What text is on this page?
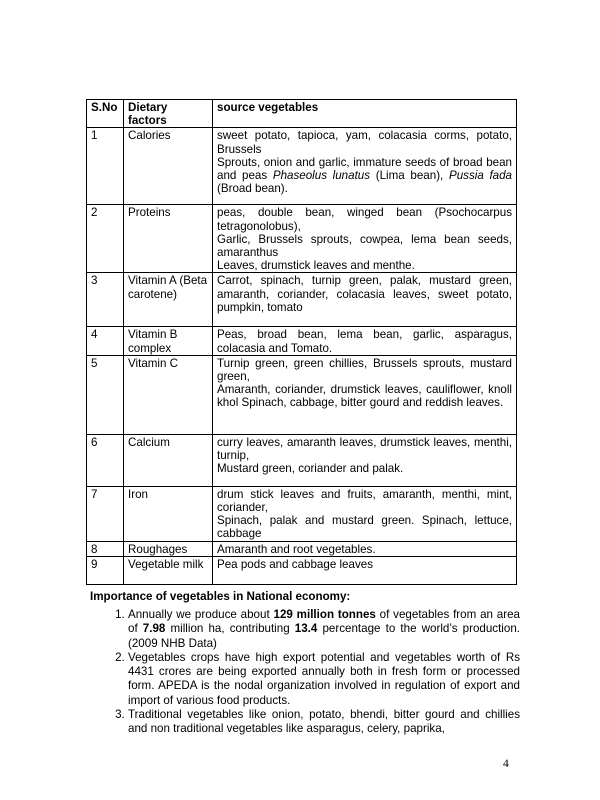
S.No	Dietary factors	source vegetables
1	Calories	sweet potato, tapioca, yam, colacasia corms, potato, Brussels
Sprouts, onion and garlic, immature seeds of broad bean and peas Phaseolus lunatus (Lima bean), Pussia fada (Broad bean).

2	Proteins	peas, double bean, winged bean (Psochocarpus tetragonolobus),
Garlic, Brussels sprouts, cowpea, lema bean seeds, amaranthus
Leaves, drumstick leaves and menthe.

3	Vitamin A (Beta carotene)	Carrot, spinach, turnip green, palak, mustard green, amaranth, coriander, colacasia leaves, sweet potato, pumpkin, tomato

4	Vitamin B complex	Peas, broad bean, lema bean, garlic, asparagus, colacasia and Tomato.

5	Vitamin C	Turnip green, green chillies, Brussels sprouts, mustard green,
Amaranth, coriander, drumstick leaves, cauliflower, knoll khol Spinach, cabbage, bitter gourd and reddish leaves.

6	Calcium	curry leaves, amaranth leaves, drumstick leaves, menthi, turnip,
Mustard green, coriander and palak.

7	Iron	drum stick leaves and fruits, amaranth, menthi, mint, coriander,
Spinach, palak and mustard green. Spinach, lettuce, cabbage

8	Roughages	Amaranth and root vegetables.

9	Vegetable milk	Pea pods and cabbage leaves
Importance of vegetables in National economy:
1. Annually we produce about 129 million tonnes of vegetables from an area of 7.98 million ha, contributing 13.4 percentage to the world’s production. (2009 NHB Data)
2. Vegetables crops have high export potential and vegetables worth of Rs 4431 crores are being exported annually both in fresh form or processed form. APEDA is the nodal organization involved in regulation of export and import of various food products.
3. Traditional vegetables like onion, potato, bhendi, bitter gourd and chillies and non traditional vegetables like asparagus, celery, paprika,
4
